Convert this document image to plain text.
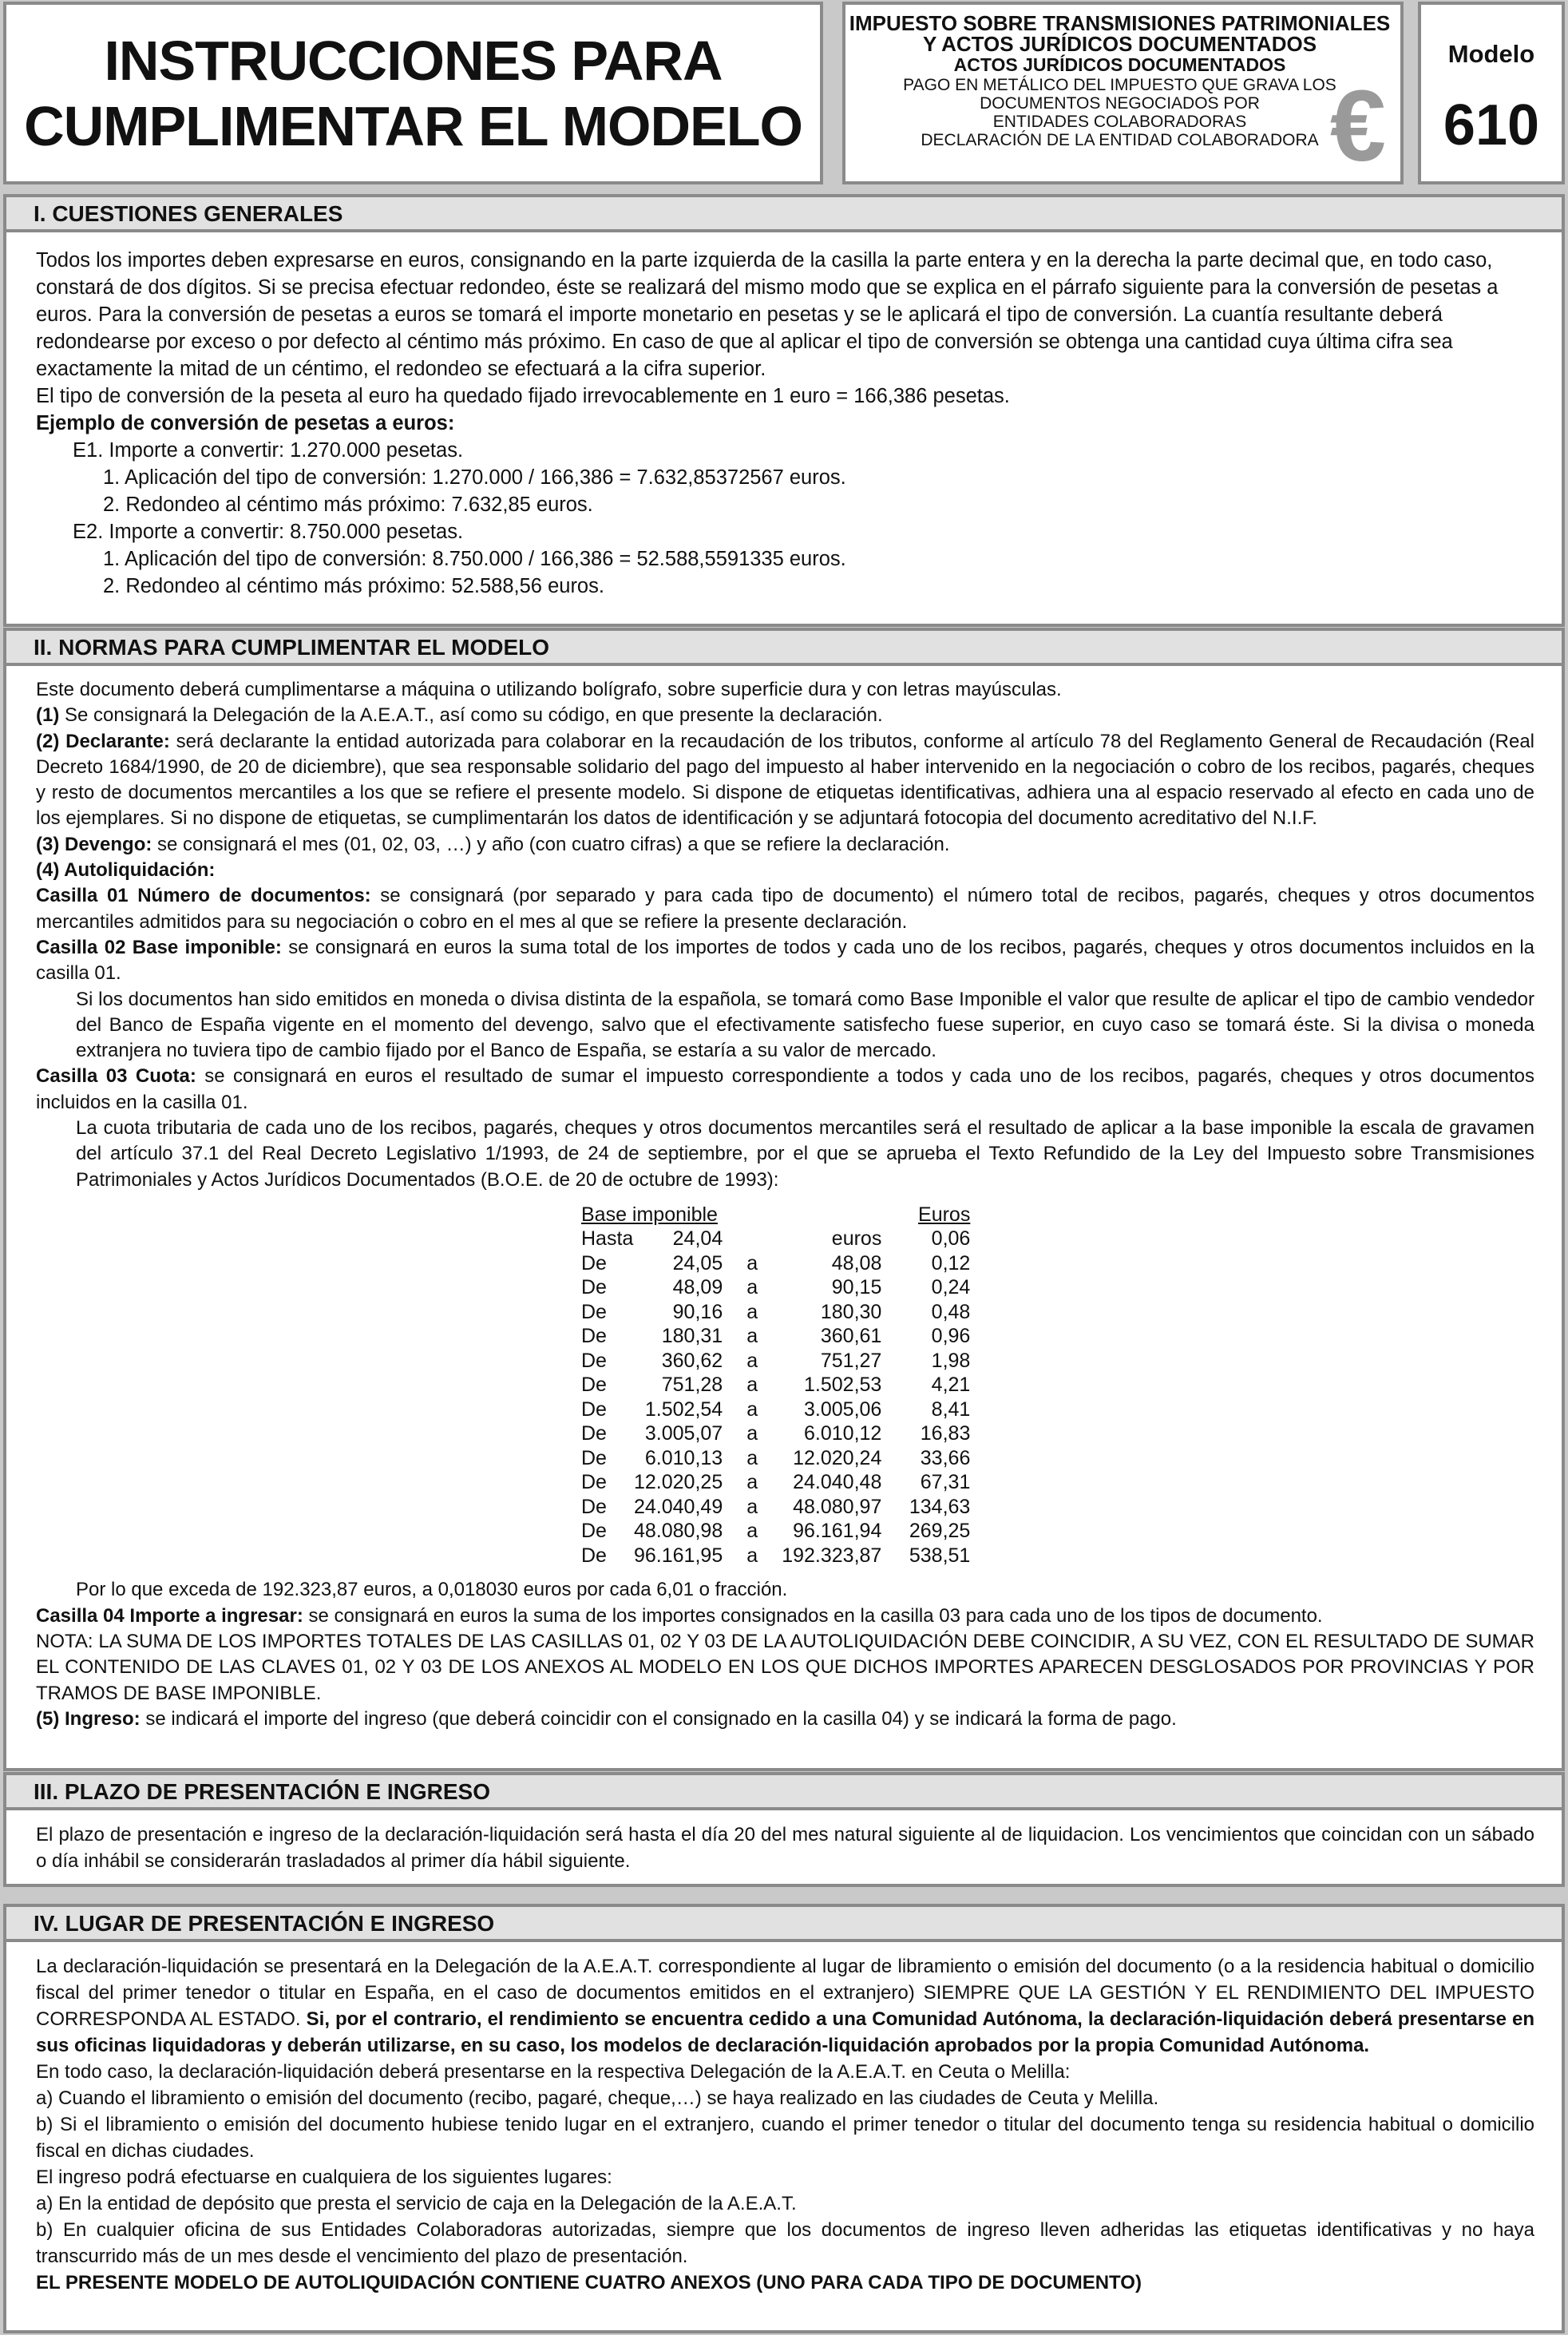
INSTRUCCIONES PARA
CUMPLIMENTAR EL MODELO
IMPUESTO SOBRE TRANSMISIONES PATRIMONIALES
Y ACTOS JURÍDICOS DOCUMENTADOS
ACTOS JURÍDICOS DOCUMENTADOS
PAGO EN METÁLICO DEL IMPUESTO QUE GRAVA LOS
DOCUMENTOS NEGOCIADOS POR
ENTIDADES COLABORADORAS
DECLARACIÓN DE LA ENTIDAD COLABORADORA €
Modelo
610
I. CUESTIONES GENERALES
Todos los importes deben expresarse en euros, consignando en la parte izquierda de la casilla la parte entera y en la derecha la parte decimal que, en todo caso, constará de dos dígitos. Si se precisa efectuar redondeo, éste se realizará del mismo modo que se explica en el párrafo siguiente para la conversión de pesetas a euros. Para la conversión de pesetas a euros se tomará el importe monetario en pesetas y se le aplicará el tipo de conversión. La cuantía resultante deberá redondearse por exceso o por defecto al céntimo más próximo. En caso de que al aplicar el tipo de conversión se obtenga una cantidad cuya última cifra sea exactamente la mitad de un céntimo, el redondeo se efectuará a la cifra superior.
El tipo de conversión de la peseta al euro ha quedado fijado irrevocablemente en 1 euro = 166,386 pesetas.
Ejemplo de conversión de pesetas a euros:
E1. Importe a convertir: 1.270.000 pesetas.
1. Aplicación del tipo de conversión: 1.270.000 / 166,386 = 7.632,85372567 euros.
2. Redondeo al céntimo más próximo: 7.632,85 euros.
E2. Importe a convertir: 8.750.000 pesetas.
1. Aplicación del tipo de conversión: 8.750.000 / 166,386 = 52.588,5591335 euros.
2. Redondeo al céntimo más próximo: 52.588,56 euros.
II. NORMAS PARA CUMPLIMENTAR EL MODELO
Este documento deberá cumplimentarse a máquina o utilizando bolígrafo, sobre superficie dura y con letras mayúsculas.
(1) Se consignará la Delegación de la A.E.A.T., así como su código, en que presente la declaración.
(2) Declarante: será declarante la entidad autorizada para colaborar en la recaudación de los tributos, conforme al artículo 78 del Reglamento General de Recaudación (Real Decreto 1684/1990, de 20 de diciembre), que sea responsable solidario del pago del impuesto al haber intervenido en la negociación o cobro de los recibos, pagarés, cheques y resto de documentos mercantiles a los que se refiere el presente modelo. Si dispone de etiquetas identificativas, adhiera una al espacio reservado al efecto en cada uno de los ejemplares. Si no dispone de etiquetas, se cumplimentarán los datos de identificación y se adjuntará fotocopia del documento acreditativo del N.I.F.
(3) Devengo: se consignará el mes (01, 02, 03, …) y año (con cuatro cifras) a que se refiere la declaración.
(4) Autoliquidación:
Casilla 01 Número de documentos: se consignará (por separado y para cada tipo de documento) el número total de recibos, pagarés, cheques y otros documentos mercantiles admitidos para su negociación o cobro en el mes al que se refiere la presente declaración.
Casilla 02 Base imponible: se consignará en euros la suma total de los importes de todos y cada uno de los recibos, pagarés, cheques y otros documentos incluidos en la casilla 01.
Si los documentos han sido emitidos en moneda o divisa distinta de la española, se tomará como Base Imponible el valor que resulte de aplicar el tipo de cambio vendedor del Banco de España vigente en el momento del devengo, salvo que el efectivamente satisfecho fuese superior, en cuyo caso se tomará éste. Si la divisa o moneda extranjera no tuviera tipo de cambio fijado por el Banco de España, se estaría a su valor de mercado.
Casilla 03 Cuota: se consignará en euros el resultado de sumar el impuesto correspondiente a todos y cada uno de los recibos, pagarés, cheques y otros documentos incluidos en la casilla 01.
La cuota tributaria de cada uno de los recibos, pagarés, cheques y otros documentos mercantiles será el resultado de aplicar a la base imponible la escala de gravamen del artículo 37.1 del Real Decreto Legislativo 1/1993, de 24 de septiembre, por el que se aprueba el Texto Refundido de la Ley del Impuesto sobre Transmisiones Patrimoniales y Actos Jurídicos Documentados (B.O.E. de 20 de octubre de 1993):
Base imponible				Euros
Hasta	24,04		euros	0,06
De	24,05	a	48,08	0,12
De	48,09	a	90,15	0,24
De	90,16	a	180,30	0,48
De	180,31	a	360,61	0,96
De	360,62	a	751,27	1,98
De	751,28	a	1.502,53	4,21
De	1.502,54	a	3.005,06	8,41
De	3.005,07	a	6.010,12	16,83
De	6.010,13	a	12.020,24	33,66
De	12.020,25	a	24.040,48	67,31
De	24.040,49	a	48.080,97	134,63
De	48.080,98	a	96.161,94	269,25
De	96.161,95	a	192.323,87	538,51
Por lo que exceda de 192.323,87 euros, a 0,018030 euros por cada 6,01 o fracción.
Casilla 04 Importe a ingresar: se consignará en euros la suma de los importes consignados en la casilla 03 para cada uno de los tipos de documento.
NOTA: LA SUMA DE LOS IMPORTES TOTALES DE LAS CASILLAS 01, 02 Y 03 DE LA AUTOLIQUIDACIÓN DEBE COINCIDIR, A SU VEZ, CON EL RESULTADO DE SUMAR EL CONTENIDO DE LAS CLAVES 01, 02 Y 03 DE LOS ANEXOS AL MODELO EN LOS QUE DICHOS IMPORTES APARECEN DESGLOSADOS POR PROVINCIAS Y POR TRAMOS DE BASE IMPONIBLE.
(5) Ingreso: se indicará el importe del ingreso (que deberá coincidir con el consignado en la casilla 04) y se indicará la forma de pago.
III. PLAZO DE PRESENTACIÓN E INGRESO
El plazo de presentación e ingreso de la declaración-liquidación será hasta el día 20 del mes natural siguiente al de liquidacion. Los vencimientos que coincidan con un sábado o día inhábil se considerarán trasladados al primer día hábil siguiente.
IV. LUGAR DE PRESENTACIÓN E INGRESO
La declaración-liquidación se presentará en la Delegación de la A.E.A.T. correspondiente al lugar de libramiento o emisión del documento (o a la residencia habitual o domicilio fiscal del primer tenedor o titular en España, en el caso de documentos emitidos en el extranjero) SIEMPRE QUE LA GESTIÓN Y EL RENDIMIENTO DEL IMPUESTO CORRESPONDA AL ESTADO. Si, por el contrario, el rendimiento se encuentra cedido a una Comunidad Autónoma, la declaración-liquidación deberá presentarse en sus oficinas liquidadoras y deberán utilizarse, en su caso, los modelos de declaración-liquidación aprobados por la propia Comunidad Autónoma.
En todo caso, la declaración-liquidación deberá presentarse en la respectiva Delegación de la A.E.A.T. en Ceuta o Melilla:
a) Cuando el libramiento o emisión del documento (recibo, pagaré, cheque,…) se haya realizado en las ciudades de Ceuta y Melilla.
b) Si el libramiento o emisión del documento hubiese tenido lugar en el extranjero, cuando el primer tenedor o titular del documento tenga su residencia habitual o domicilio fiscal en dichas ciudades.
El ingreso podrá efectuarse en cualquiera de los siguientes lugares:
a) En la entidad de depósito que presta el servicio de caja en la Delegación de la A.E.A.T.
b) En cualquier oficina de sus Entidades Colaboradoras autorizadas, siempre que los documentos de ingreso lleven adheridas las etiquetas identificativas y no haya transcurrido más de un mes desde el vencimiento del plazo de presentación.
EL PRESENTE MODELO DE AUTOLIQUIDACIÓN CONTIENE CUATRO ANEXOS (UNO PARA CADA TIPO DE DOCUMENTO)
